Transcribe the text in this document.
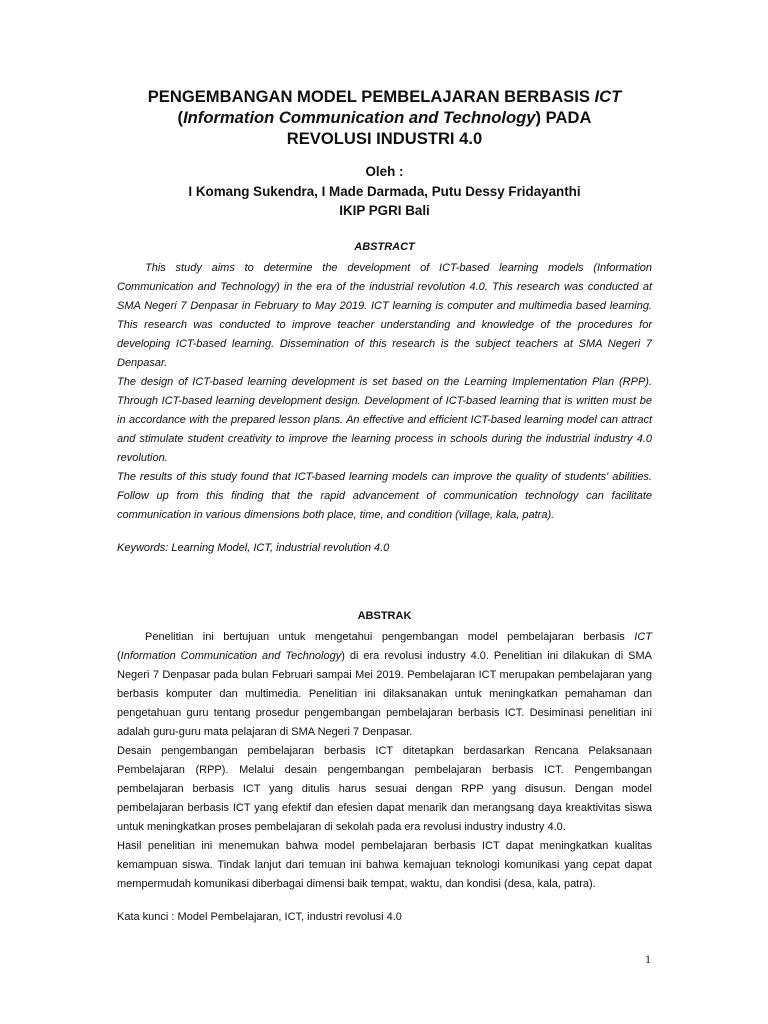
PENGEMBANGAN MODEL PEMBELAJARAN BERBASIS ICT
(Information Communication and Technology) PADA
REVOLUSI INDUSTRI 4.0
Oleh :
I Komang Sukendra, I Made Darmada, Putu Dessy Fridayanthi
IKIP PGRI Bali
ABSTRACT

This study aims to determine the development of ICT-based learning models (Information Communication and Technology) in the era of the industrial revolution 4.0. This research was conducted at SMA Negeri 7 Denpasar in February to May 2019. ICT learning is computer and multimedia based learning. This research was conducted to improve teacher understanding and knowledge of the procedures for developing ICT-based learning. Dissemination of this research is the subject teachers at SMA Negeri 7 Denpasar.

The design of ICT-based learning development is set based on the Learning Implementation Plan (RPP). Through ICT-based learning development design. Development of ICT-based learning that is written must be in accordance with the prepared lesson plans. An effective and efficient ICT-based learning model can attract and stimulate student creativity to improve the learning process in schools during the industrial industry 4.0 revolution.

The results of this study found that ICT-based learning models can improve the quality of students' abilities. Follow up from this finding that the rapid advancement of communication technology can facilitate communication in various dimensions both place, time, and condition (village, kala, patra).

Keywords: Learning Model, ICT, industrial revolution 4.0
ABSTRAK

Penelitian ini bertujuan untuk mengetahui pengembangan model pembelajaran berbasis ICT (Information Communication and Technology) di era revolusi industry 4.0. Penelitian ini dilakukan di SMA Negeri 7 Denpasar pada bulan Februari sampai Mei 2019. Pembelajaran ICT merupakan pembelajaran yang berbasis komputer dan multimedia. Penelitian ini dilaksanakan untuk meningkatkan pemahaman dan pengetahuan guru tentang prosedur pengembangan pembelajaran berbasis ICT. Desiminasi penelitian ini adalah guru-guru mata pelajaran di SMA Negeri 7 Denpasar.

Desain pengembangan pembelajaran berbasis ICT ditetapkan berdasarkan Rencana Pelaksanaan Pembelajaran (RPP). Melalui desain pengembangan pembelajaran berbasis ICT. Pengembangan pembelajaran berbasis ICT yang ditulis harus sesuai dengan RPP yang disusun. Dengan model pembelajaran berbasis ICT yang efektif dan efesien dapat menarik dan merangsang daya kreaktivitas siswa untuk meningkatkan proses pembelajaran di sekolah pada era revolusi industry industry 4.0.

Hasil penelitian ini menemukan bahwa model pembelajaran berbasis ICT dapat meningkatkan kualitas kemampuan siswa. Tindak lanjut dari temuan ini bahwa kemajuan teknologi komunikasi yang cepat dapat mempermudah komunikasi diberbagai dimensi baik tempat, waktu, dan kondisi (desa, kala, patra).

Kata kunci : Model Pembelajaran, ICT, industri revolusi 4.0
1
